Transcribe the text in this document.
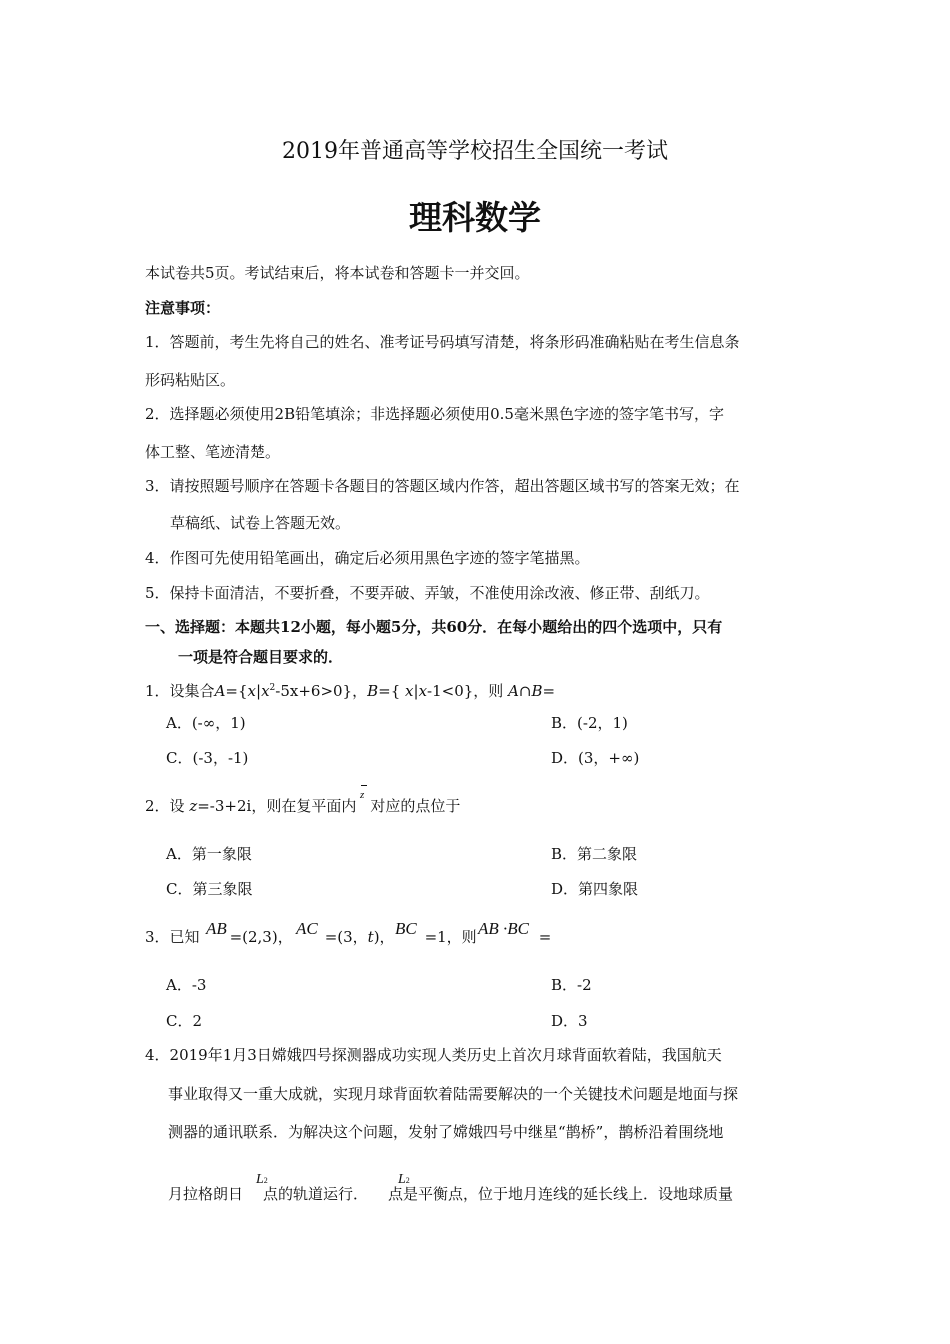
2019年普通高等学校招生全国统一考试
理科数学
本试卷共5页。考试结束后，将本试卷和答题卡一并交回。
注意事项：
1．答题前，考生先将自己的姓名、准考证号码填写清楚，将条形码准确粘贴在考生信息条
形码粘贴区。
2．选择题必须使用2B铅笔填涂；非选择题必须使用0.5毫米黑色字迹的签字笔书写，字
体工整、笔迹清楚。
3．请按照题号顺序在答题卡各题目的答题区域内作答，超出答题区域书写的答案无效；在
草稿纸、试卷上答题无效。
4．作图可先使用铅笔画出，确定后必须用黑色字迹的签字笔描黑。
5．保持卡面清洁，不要折叠，不要弄破、弄皱，不准使用涂改液、修正带、刮纸刀。
一、选择题：本题共12小题，每小题5分，共60分．在每小题给出的四个选项中，只有
一项是符合题目要求的．
1．设集合$A=\{x|x^2-5x+6>0\}$，B={ x|x-1<0}，则 A∩B=
A．(-∞，1)	B．(-2，1)
C．(-3，-1)	D．(3，+∞)
2．设 z=-3+2i，则在复平面内 对应的点位于
z
A．第一象限	B．第二象限
C．第三象限	D．第四象限
3．已知 =(2,3)， =(3，t)， =1，则	=
AB	AC	BC	AB ·BC
A．-3	B．-2
C．2	D．3
4．2019年1月3日嫦娥四号探测器成功实现人类历史上首次月球背面软着陆，我国航天
事业取得又一重大成就，实现月球背面软着陆需要解决的一个关键技术问题是地面与探
测器的通讯联系．为解决这个问题，发射了嫦娥四号中继星“鹊桥”，鹊桥沿着围绕地
月拉格朗日 点的轨道运行． 点是平衡点，位于地月连线的延长线上．设地球质量
L2	L2
